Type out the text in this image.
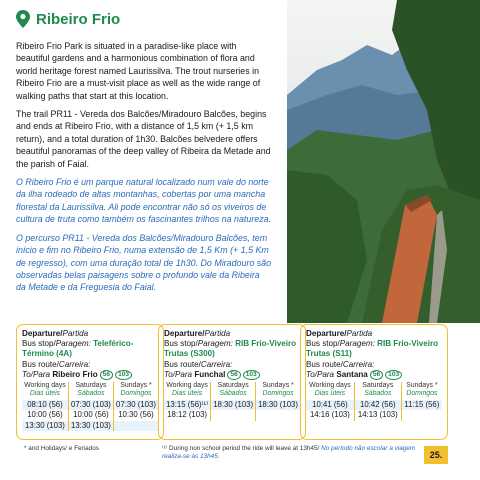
Ribeiro Frio

Ribeiro Frio Park is situated in a paradise-like place with beautiful gardens and a harmonious combination of flora and world heritage forest named Laurissilva. The trout nurseries in Ribeiro Frio are a must-visit place as well as the wide range of walking paths that start at this location.

The trail PR11 - Vereda dos Balcões/Miradouro Balcões, begins and ends at Ribeiro Frio, with a distance of 1,5 km (+ 1,5 km return), and a total duration of 1h30. Balcões belvedere offers beautiful panoramas of the deep valley of Ribeira da Metade and the parish of Faial.

O Ribeiro Frio é um parque natural localizado num vale do norte da ilha rodeado de altas montanhas, cobertas por uma mancha florestal da Laurissilva. Ali pode encontrar não só os viveiros de cultura de truta como também os fascinantes trilhos na natureza.

O percurso PR11 - Vereda dos Balcões/Miradouro Balcões, tem início e fim no Ribeiro Frio, numa extensão de 1,5 Km (+ 1,5 Km de regresso), com uma duração total de 1h30. Do Miradouro são observadas belas paisagens sobre o profundo vale da Ribeira da Metade e da Freguesia do Faial.

Departure/Partida
Bus stop/Paragem: Teleférico-Término (4A)
Bus route/Carreira:
To/ Para
Ribeiro Frio 56	103
Working days	Saturdays	Sundays *
Dias úteis	Sábados	Domingos
08:10 (56)	07:30 (103)	07:30 (103)
10:00 (56)	10:00 (56)	10:30 (56)
13:30 (103)	13:30 (103)	
Departure/Partida
Bus stop/Paragem: RIB Frio-Viveiro Trutas (S300)
Bus route/Carreira:
To/ Para
Funchal 56	103
Working days	Saturdays	Sundays *
Dias úteis	Sábados	Domingos
13:15 (56)⁽¹⁾	18:30 (103)	18:30 (103)
18:12 (103)		
Departure/Partida
Bus stop/Paragem: RIB Frio-Viveiro Trutas (S11)
Bus route/Carreira:
To/ Para
Santana 56	103
Working days	Saturdays	Sundays *
Dias úteis	Sábados	Domingos
10:41 (56)	10:42 (56)	11:15 (56)
14:16 (103)	14:13 (103)	
* and Holidays/ e Feriados	⁽¹⁾ During non school period the ride will leave at 13h45/ No período não escolar a viagem realiza-se às 13h45.	25.
